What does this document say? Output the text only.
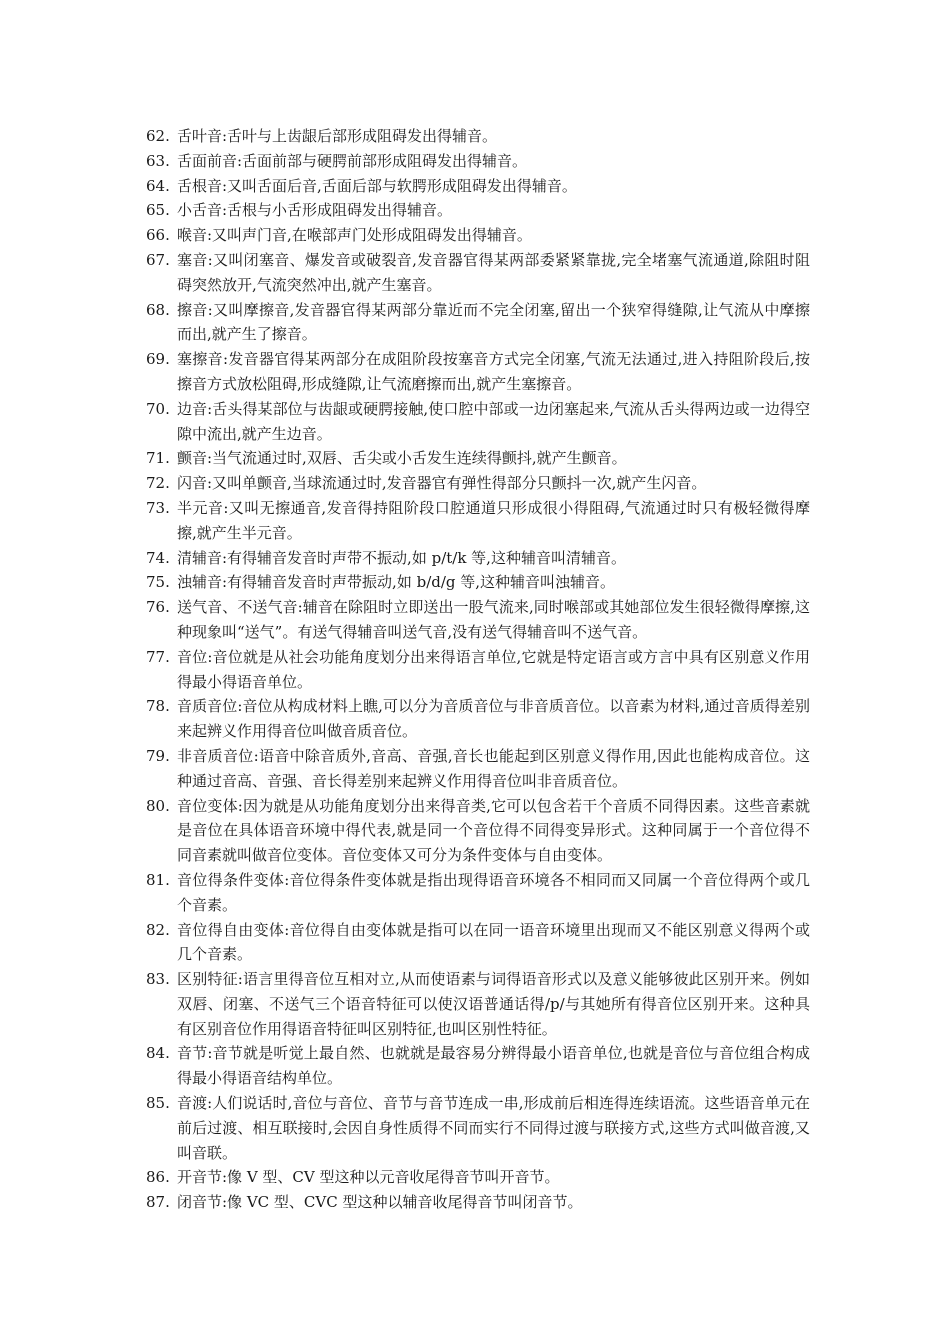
62. 舌叶音:舌叶与上齿龈后部形成阻碍发出得辅音。
63. 舌面前音:舌面前部与硬腭前部形成阻碍发出得辅音。
64. 舌根音:又叫舌面后音,舌面后部与软腭形成阻碍发出得辅音。
65. 小舌音:舌根与小舌形成阻碍发出得辅音。
66. 喉音:又叫声门音,在喉部声门处形成阻碍发出得辅音。
67. 塞音:又叫闭塞音、爆发音或破裂音,发音器官得某两部委紧紧靠拢,完全堵塞气流通道,除阻时阻碍突然放开,气流突然冲出,就产生塞音。
68. 擦音:又叫摩擦音,发音器官得某两部分靠近而不完全闭塞,留出一个狭窄得缝隙,让气流从中摩擦而出,就产生了擦音。
69. 塞擦音:发音器官得某两部分在成阻阶段按塞音方式完全闭塞,气流无法通过,进入持阻阶段后,按擦音方式放松阻碍,形成缝隙,让气流磨擦而出,就产生塞擦音。
70. 边音:舌头得某部位与齿龈或硬腭接触,使口腔中部或一边闭塞起来,气流从舌头得两边或一边得空隙中流出,就产生边音。
71. 颤音:当气流通过时,双唇、舌尖或小舌发生连续得颤抖,就产生颤音。
72. 闪音:又叫单颤音,当球流通过时,发音器官有弹性得部分只颤抖一次,就产生闪音。
73. 半元音:又叫无擦通音,发音得持阻阶段口腔通道只形成很小得阻碍,气流通过时只有极轻微得摩擦,就产生半元音。
74. 清辅音:有得辅音发音时声带不振动,如 p/t/k 等,这种辅音叫清辅音。
75. 浊辅音:有得辅音发音时声带振动,如 b/d/g 等,这种辅音叫浊辅音。
76. 送气音、不送气音:辅音在除阻时立即送出一股气流来,同时喉部或其她部位发生很轻微得摩擦,这种现象叫“送气”。有送气得辅音叫送气音,没有送气得辅音叫不送气音。
77. 音位:音位就是从社会功能角度划分出来得语言单位,它就是特定语言或方言中具有区别意义作用得最小得语音单位。
78. 音质音位:音位从构成材料上瞧,可以分为音质音位与非音质音位。以音素为材料,通过音质得差别来起辨义作用得音位叫做音质音位。
79. 非音质音位:语音中除音质外,音高、音强,音长也能起到区别意义得作用,因此也能构成音位。这种通过音高、音强、音长得差别来起辨义作用得音位叫非音质音位。
80. 音位变体:因为就是从功能角度划分出来得音类,它可以包含若干个音质不同得因素。这些音素就是音位在具体语音环境中得代表,就是同一个音位得不同得变异形式。这种同属于一个音位得不同音素就叫做音位变体。音位变体又可分为条件变体与自由变体。
81. 音位得条件变体:音位得条件变体就是指出现得语音环境各不相同而又同属一个音位得两个或几个音素。
82. 音位得自由变体:音位得自由变体就是指可以在同一语音环境里出现而又不能区别意义得两个或几个音素。
83. 区别特征:语言里得音位互相对立,从而使语素与词得语音形式以及意义能够彼此区别开来。例如双唇、闭塞、不送气三个语音特征可以使汉语普通话得/p/与其她所有得音位区别开来。这种具有区别音位作用得语音特征叫区别特征,也叫区别性特征。
84. 音节:音节就是听觉上最自然、也就就是最容易分辨得最小语音单位,也就是音位与音位组合构成得最小得语音结构单位。
85. 音渡:人们说话时,音位与音位、音节与音节连成一串,形成前后相连得连续语流。这些语音单元在前后过渡、相互联接时,会因自身性质得不同而实行不同得过渡与联接方式,这些方式叫做音渡,又叫音联。
86. 开音节:像 V 型、CV 型这种以元音收尾得音节叫开音节。
87. 闭音节:像 VC 型、CVC 型这种以辅音收尾得音节叫闭音节。
